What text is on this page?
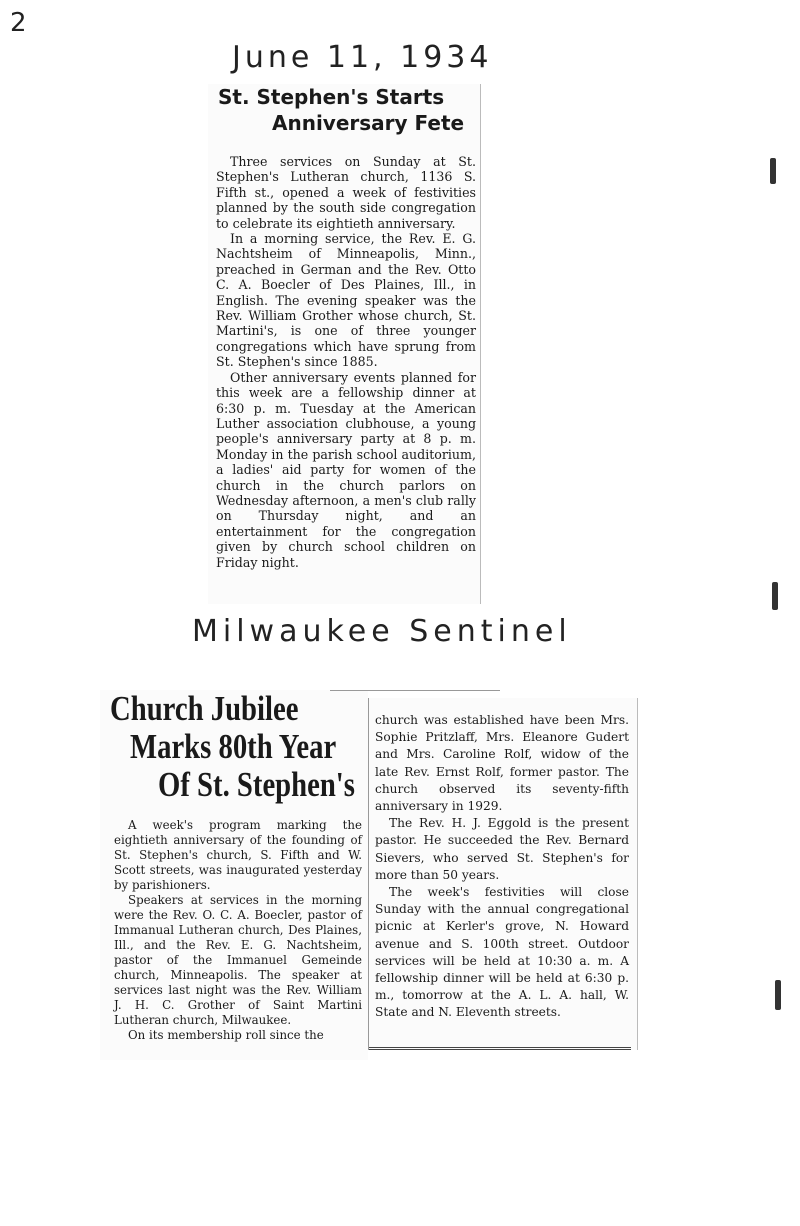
2
June 11, 1934
St. Stephen's Starts
Anniversary Fete

Three services on Sunday at St. Stephen's Lutheran church, 1136 S. Fifth st., opened a week of festivities planned by the south side congregation to celebrate its eightieth anniversary.

In a morning service, the Rev. E. G. Nachtsheim of Minneapolis, Minn., preached in German and the Rev. Otto C. A. Boecler of Des Plaines, Ill., in English. The evening speaker was the Rev. William Grother whose church, St. Martini's, is one of three younger congregations which have sprung from St. Stephen's since 1885.

Other anniversary events planned for this week are a fellowship dinner at 6:30 p. m. Tuesday at the American Luther association clubhouse, a young people's anniversary party at 8 p. m. Monday in the parish school auditorium, a ladies' aid party for women of the church in the church parlors on Wednesday afternoon, a men's club rally on Thursday night, and an entertainment for the congregation given by church school children on Friday night.

Milwaukee Sentinel
Church Jubilee
Marks 80th Year
Of St. Stephen's

A week's program marking the eightieth anniversary of the founding of St. Stephen's church, S. Fifth and W. Scott streets, was inaugurated yesterday by parishioners.

Speakers at services in the morning were the Rev. O. C. A. Boecler, pastor of Immanual Lutheran church, Des Plaines, Ill., and the Rev. E. G. Nachtsheim, pastor of the Immanuel Gemeinde church, Minneapolis. The speaker at services last night was the Rev. William J. H. C. Grother of Saint Martini Lutheran church, Milwaukee.

On its membership roll since the

church was established have been Mrs. Sophie Pritzlaff, Mrs. Eleanore Gudert and Mrs. Caroline Rolf, widow of the late Rev. Ernst Rolf, former pastor. The church observed its seventy-fifth anniversary in 1929.

The Rev. H. J. Eggold is the present pastor. He succeeded the Rev. Bernard Sievers, who served St. Stephen's for more than 50 years.

The week's festivities will close Sunday with the annual congregational picnic at Kerler's grove, N. Howard avenue and S. 100th street. Outdoor services will be held at 10:30 a. m. A fellowship dinner will be held at 6:30 p. m., tomorrow at the A. L. A. hall, W. State and N. Eleventh streets.
